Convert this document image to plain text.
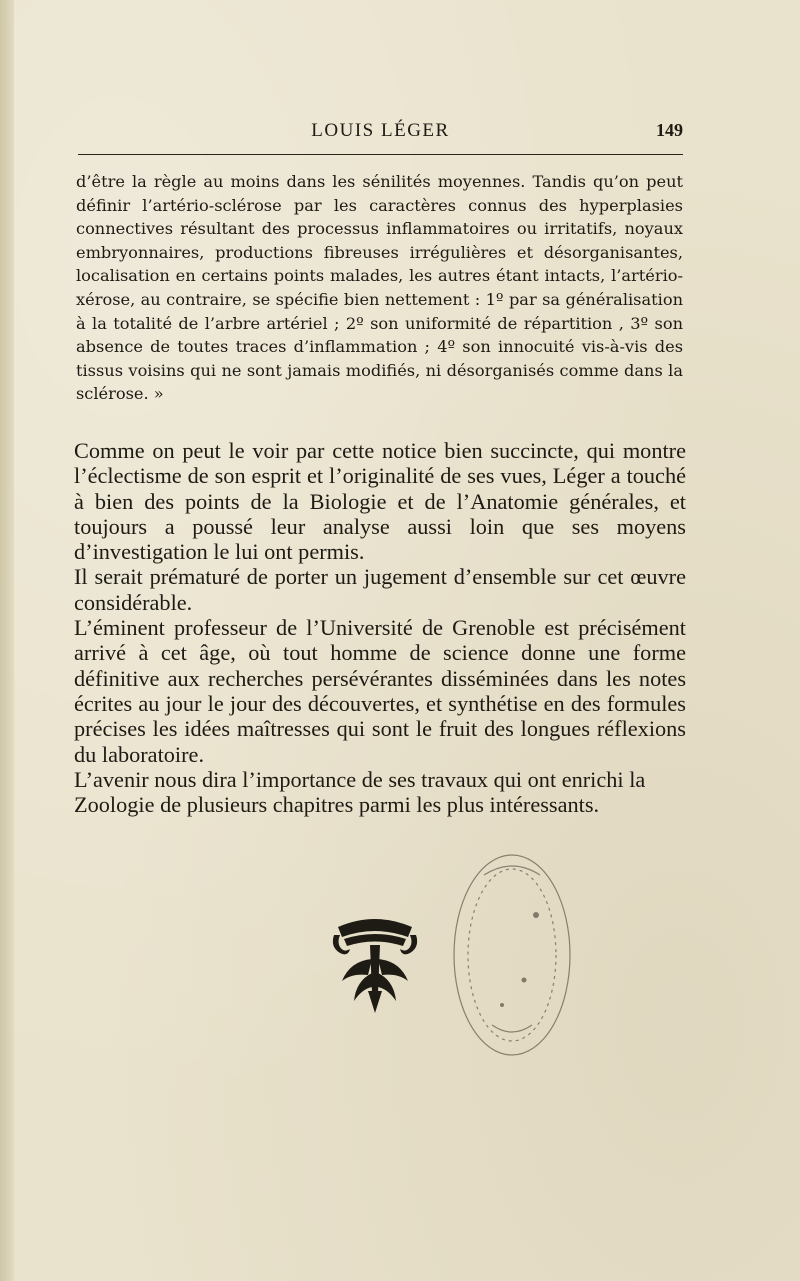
LOUIS LÉGER	149

d’être la règle au moins dans les sénilités moyennes. Tandis qu’on peut définir l’artério-sclérose par les caractères connus des hyperplasies connectives résultant des processus inflammatoires ou irritatifs, noyaux embryonnaires, productions fibreuses irrégulières et désorganisantes, localisation en certains points malades, les autres étant intacts, l’artério-xérose, au contraire, se spécifie bien nettement : 1º par sa généralisation à la totalité de l’arbre artériel ; 2º son uniformité de répartition , 3º son absence de toutes traces d’inflammation ; 4º son innocuité vis-à-vis des tissus voisins qui ne sont jamais modifiés, ni désorganisés comme dans la sclérose. »

Comme on peut le voir par cette notice bien succincte, qui montre l’éclectisme de son esprit et l’originalité de ses vues, Léger a touché à bien des points de la Biologie et de l’Anatomie générales, et toujours a poussé leur analyse aussi loin que ses moyens d’investigation le lui ont permis.

Il serait prématuré de porter un jugement d’ensemble sur cet œuvre considérable.

L’éminent professeur de l’Université de Grenoble est précisément arrivé à cet âge, où tout homme de science donne une forme définitive aux recherches persévérantes disséminées dans les notes écrites au jour le jour des découvertes, et synthétise en des formules précises les idées maîtresses qui sont le fruit des longues réflexions du laboratoire.

L’avenir nous dira l’importance de ses travaux qui ont enrichi la Zoologie de plusieurs chapitres parmi les plus intéressants.
